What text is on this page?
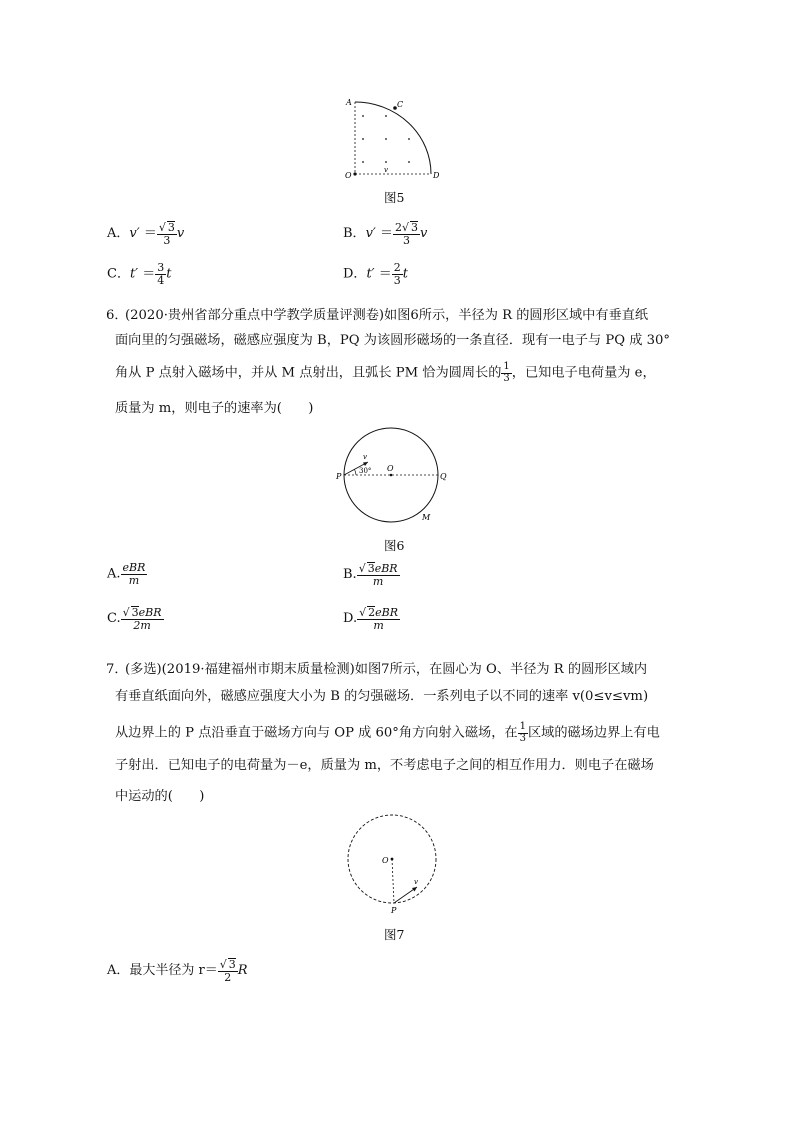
A	C
O	D
v
图5
A．$v' = \frac{√ 3}{3}$ v	B．$v' = \frac{2√ 3}{3}$ v
C．$t' = \frac{3}{4}$ t	D．$t' = \frac{2}{3}$ t
6．
(2020·贵州省部分重点中学教学质量评测卷)如图6所示，半径为 R 的圆形区域中有垂直纸
面向里的匀强磁场，磁感应强度为 B，PQ 为该圆形磁场的一条直径．现有一电子与 PQ 成 30°
角从 P 点射入磁场中，并从 M 点射出，且弧长 PM 恰为圆周长的 $\frac{1}{3}$ ，已知电子电荷量为 e，
质量为 m，则电子的速率为(　　)
P
O
Q
M
v
30°
图6
A. $\frac{\text{eBR}}{m}$	B. $\frac{\text{√ 3eBR}}{m}$
C. $\frac{\text{√ 3eBR}}{2m}$	D. $\frac{\text{√ 2eBR}}{m}$
7．
(多选)(2019·福建福州市期末质量检测)如图7所示，在圆心为 O、半径为 R 的圆形区域内
有垂直纸面向外，磁感应强度大小为 B 的匀强磁场．一系列电子以不同的速率 v(0≤v≤vm)
从边界上的 P 点沿垂直于磁场方向与 OP 成 60°角方向射入磁场，在 $\frac{1}{3}$ 区域的磁场边界上有电
子射出．已知电子的电荷量为－e，质量为 m，不考虑电子之间的相互作用力．则电子在磁场
中运动的(　　)
O
P
v
图7
A．最大半径为 $r= \frac{√ 3}{2}$ R
